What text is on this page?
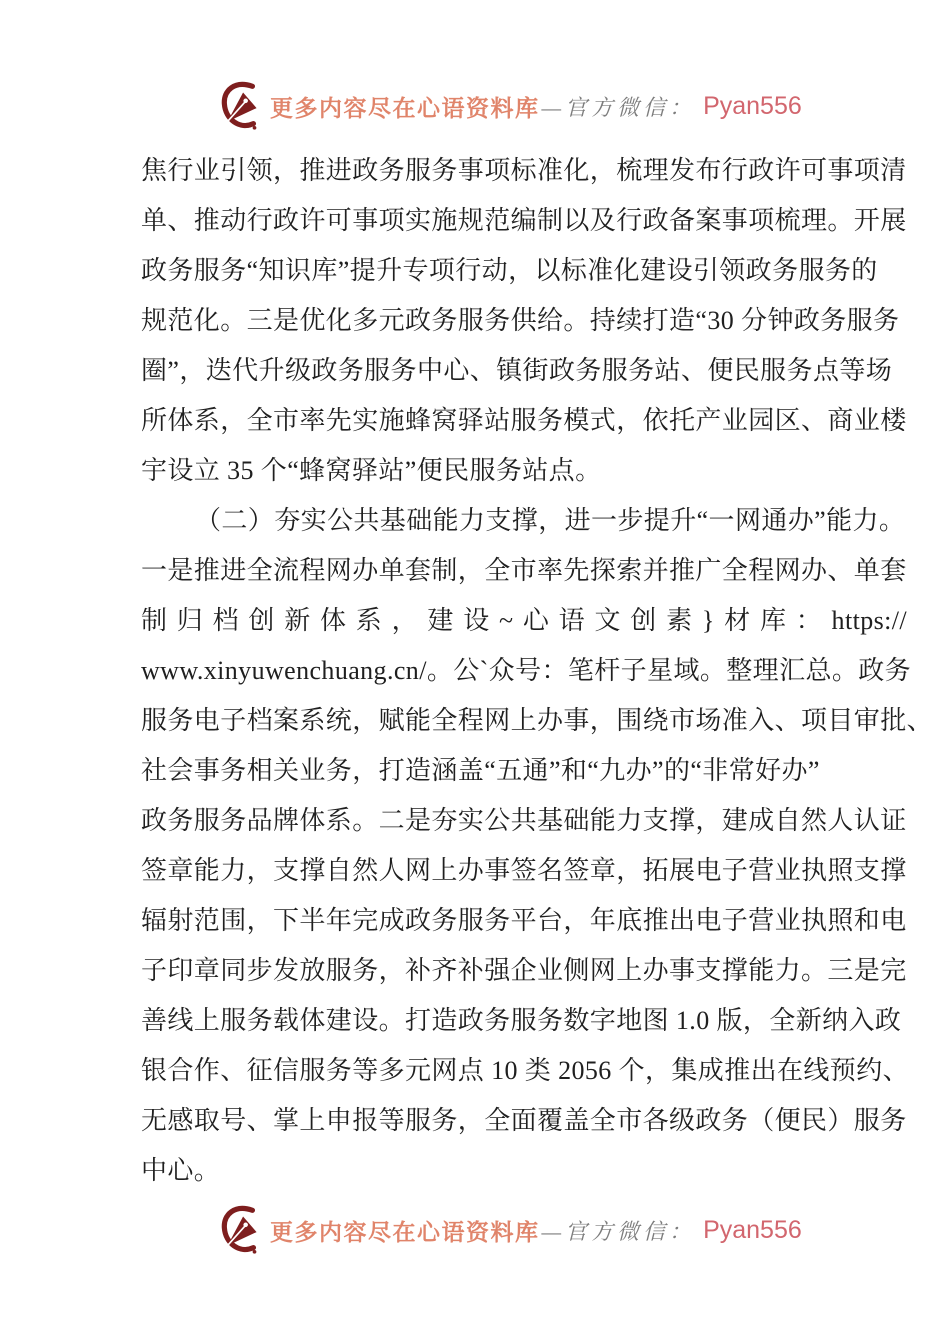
更多内容尽在心语资料库 —官方微信： Pyan556
焦行业引领，推进政务服务事项标准化，梳理发布行政许可事项清
单、推动行政许可事项实施规范编制以及行政备案事项梳理。开展
政务服务“知识库”提升专项行动，以标准化建设引领政务服务的
规范化。三是优化多元政务服务供给。持续打造“30 分钟政务服务
圈”，迭代升级政务服务中心、镇街政务服务站、便民服务点等场
所体系，全市率先实施蜂窝驿站服务模式，依托产业园区、商业楼
宇设立 35 个“蜂窝驿站”便民服务站点。
（二）夯实公共基础能力支撑，进一步提升“一网通办”能力。
一是推进全流程网办单套制，全市率先探索并推广全程网办、单套
制归档创新体系，建设~心语文创素}材库：https://
www.xinyuwenchuang.cn/。公`众号：笔杆子星域。整理汇总。政务
服务电子档案系统，赋能全程网上办事，围绕市场准入、项目审批、
社会事务相关业务，打造涵盖“五通”和“九办”的“非常好办”
政务服务品牌体系。二是夯实公共基础能力支撑，建成自然人认证
签章能力，支撑自然人网上办事签名签章，拓展电子营业执照支撑
辐射范围，下半年完成政务服务平台，年底推出电子营业执照和电
子印章同步发放服务，补齐补强企业侧网上办事支撑能力。三是完
善线上服务载体建设。打造政务服务数字地图 1.0 版，全新纳入政
银合作、征信服务等多元网点 10 类 2056 个，集成推出在线预约、
无感取号、掌上申报等服务，全面覆盖全市各级政务（便民）服务
中心。
更多内容尽在心语资料库 —官方微信： Pyan556
